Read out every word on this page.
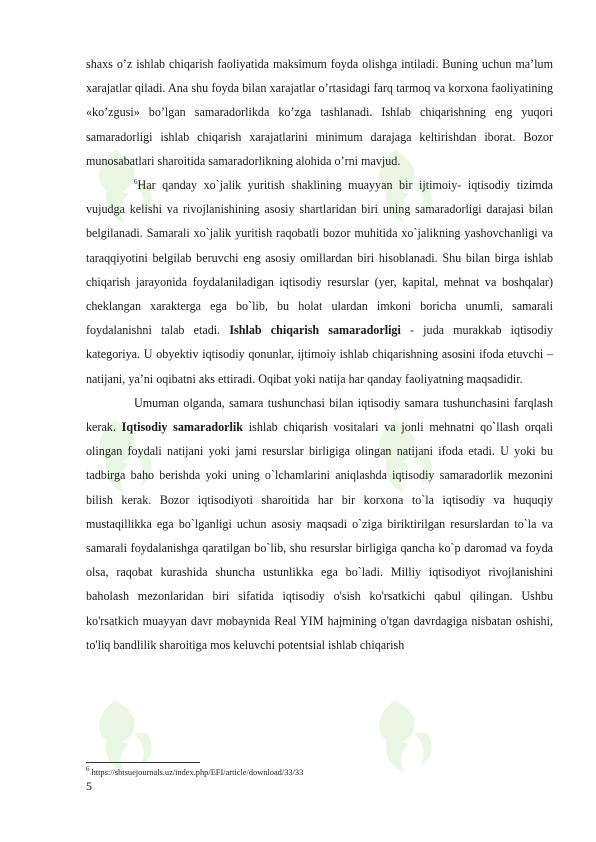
shaxs o’z ishlab chiqarish faoliyatida maksimum foyda olishga intiladi. Buning uchun ma’lum xarajatlar qiladi. Ana shu foyda bilan xarajatlar o’rtasidagi farq tarmoq va korxona faoliyatining «ko’zgusi» bo’lgan samaradorlikda ko’zga tashlanadi. Ishlab chiqarishning eng yuqori samaradorligi ishlab chiqarish xarajatlarini minimum darajaga keltirishdan iborat. Bozor munosabatlari sharoitida samaradorlikning alohida o’rni mavjud.

$^6$Har qanday xo`jalik yuritish shaklining muayyan bir ijtimoiy- iqtisodiy tizimda vujudga kelishi va rivojlanishining asosiy shartlaridan biri uning samaradorligi darajasi bilan belgilanadi. Samarali xo`jalik yuritish raqobatli bozor muhitida xo`jalikning yashovchanligi va taraqqiyotini belgilab beruvchi eng asosiy omillardan biri hisoblanadi. Shu bilan birga ishlab chiqarish jarayonida foydalaniladigan iqtisodiy resurslar (yer, kapital, mehnat va boshqalar) cheklangan xarakterga ega bo`lib, bu holat ulardan imkoni boricha unumli, samarali foydalanishni talab etadi. Ishlab chiqarish samaradorligi - juda murakkab iqtisodiy kategoriya. U obyektiv iqtisodiy qonunlar, ijtimoiy ishlab chiqarishning asosini ifoda etuvchi – natijani, ya’ni oqibatni aks ettiradi. Oqibat yoki natija har qanday faoliyatning maqsadidir.

Umuman olganda, samara tushunchasi bilan iqtisodiy samara tushunchasini farqlash kerak. Iqtisodiy samaradorlik ishlab chiqarish vositalari va jonli mehnatni qo`llash orqali olingan foydali natijani yoki jami resurslar birligiga olingan natijani ifoda etadi. U yoki bu tadbirga baho berishda yoki uning o`lchamlarini aniqlashda iqtisodiy samaradorlik mezonini bilish kerak. Bozor iqtisodiyoti sharoitida har bir korxona to`la iqtisodiy va huquqiy mustaqillikka ega bo`lganligi uchun asosiy maqsadi o`ziga biriktirilgan resurslardan to`la va samarali foydalanishga qaratilgan bo`lib, shu resurslar birligiga qancha ko`p daromad va foyda olsa, raqobat kurashida shuncha ustunlikka ega bo`ladi. Milliy iqtisodiyot rivojlanishini baholash mezonlaridan biri sifatida iqtisodiy o'sish ko'rsatkichi qabul qilingan. Ushbu ko'rsatkich muayyan davr mobaynida Real YIM hajmining o'tgan davrdagiga nisbatan oshishi, to'liq bandlilik sharoitiga mos keluvchi potentsial ishlab chiqarish

$^6$ https://sbtsuejournals.uz/index.php/EFI/article/download/33/33
5
